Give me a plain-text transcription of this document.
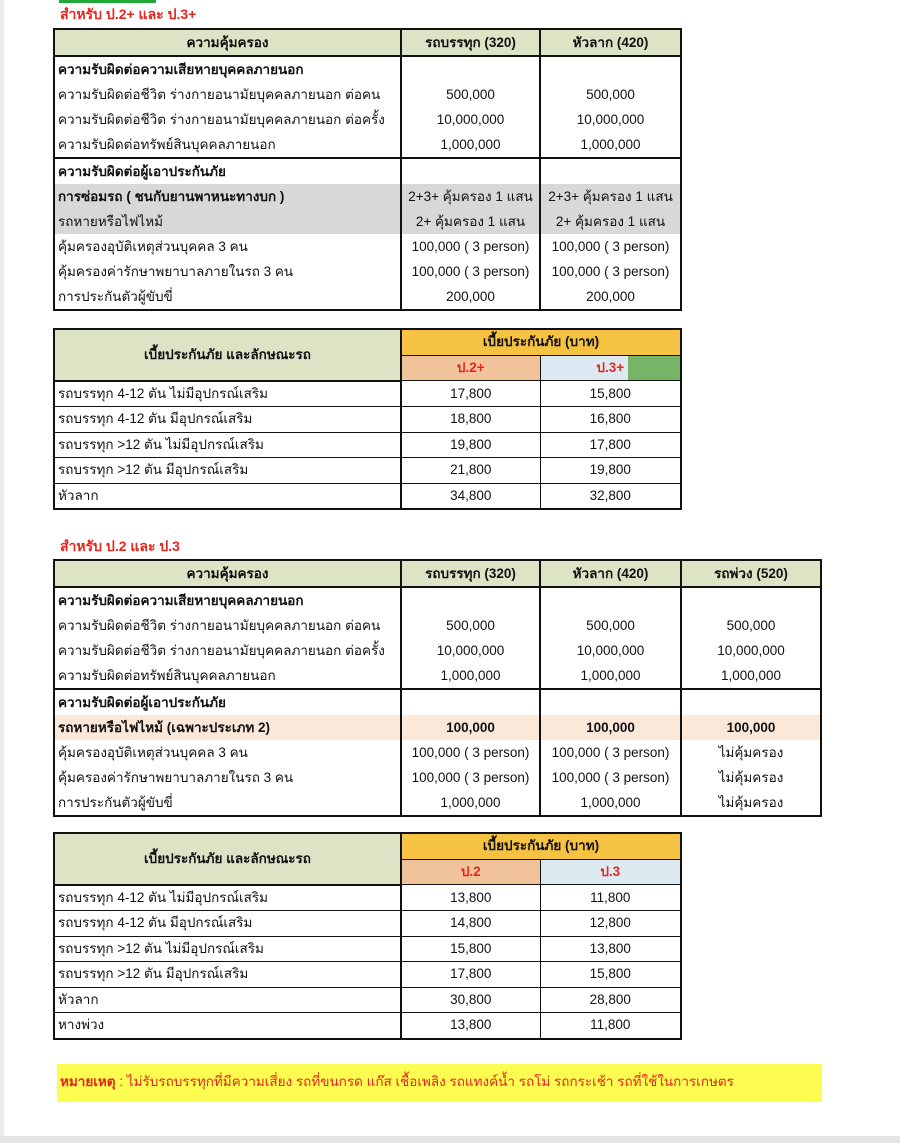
สำหรับ ป.2+ และ ป.3+
ความคุ้มครอง	รถบรรทุก (320)	หัวลาก (420)
ความรับผิดต่อความเสียหายบุคคลภายนอก		
ความรับผิดต่อชีวิต ร่างกายอนามัยบุคคลภายนอก ต่อคน	500,000	500,000
ความรับผิดต่อชีวิต ร่างกายอนามัยบุคคลภายนอก ต่อครั้ง	10,000,000	10,000,000
ความรับผิดต่อทรัพย์สินบุคคลภายนอก	1,000,000	1,000,000
ความรับผิดต่อผู้เอาประกันภัย		
การซ่อมรถ ( ชนกับยานพาหนะทางบก )	2+3+ คุ้มครอง 1 แสน	2+3+ คุ้มครอง 1 แสน
รถหายหรือไฟไหม้	2+ คุ้มครอง 1 แสน	2+ คุ้มครอง 1 แสน
คุ้มครองอุบัติเหตุส่วนบุคคล 3 คน	100,000 ( 3 person)	100,000 ( 3 person)
คุ้มครองค่ารักษาพยาบาลภายในรถ 3 คน	100,000 ( 3 person)	100,000 ( 3 person)
การประกันตัวผู้ขับขี่	200,000	200,000
เบี้ยประกันภัย และลักษณะรถ	เบี้ยประกันภัย (บาท)	
	ป.2+	ป.3+
รถบรรทุก 4-12 ตัน ไม่มีอุปกรณ์เสริม	17,800	15,800
รถบรรทุก 4-12 ตัน มีอุปกรณ์เสริม	18,800	16,800
รถบรรทุก >12 ตัน ไม่มีอุปกรณ์เสริม	19,800	17,800
รถบรรทุก >12 ตัน มีอุปกรณ์เสริม	21,800	19,800
หัวลาก	34,800	32,800
สำหรับ ป.2 และ ป.3
ความคุ้มครอง	รถบรรทุก (320)	หัวลาก (420)	รถพ่วง (520)
ความรับผิดต่อความเสียหายบุคคลภายนอก			
ความรับผิดต่อชีวิต ร่างกายอนามัยบุคคลภายนอก ต่อคน	500,000	500,000	500,000
ความรับผิดต่อชีวิต ร่างกายอนามัยบุคคลภายนอก ต่อครั้ง	10,000,000	10,000,000	10,000,000
ความรับผิดต่อทรัพย์สินบุคคลภายนอก	1,000,000	1,000,000	1,000,000
ความรับผิดต่อผู้เอาประกันภัย			
รถหายหรือไฟไหม้ (เฉพาะประเภท 2)	100,000	100,000	100,000
คุ้มครองอุบัติเหตุส่วนบุคคล 3 คน	100,000 ( 3 person)	100,000 ( 3 person)	ไม่คุ้มครอง
คุ้มครองค่ารักษาพยาบาลภายในรถ 3 คน	100,000 ( 3 person)	100,000 ( 3 person)	ไม่คุ้มครอง
การประกันตัวผู้ขับขี่	1,000,000	1,000,000	ไม่คุ้มครอง
เบี้ยประกันภัย และลักษณะรถ	เบี้ยประกันภัย (บาท)	
	ป.2	ป.3
รถบรรทุก 4-12 ตัน ไม่มีอุปกรณ์เสริม	13,800	11,800
รถบรรทุก 4-12 ตัน มีอุปกรณ์เสริม	14,800	12,800
รถบรรทุก >12 ตัน ไม่มีอุปกรณ์เสริม	15,800	13,800
รถบรรทุก >12 ตัน มีอุปกรณ์เสริม	17,800	15,800
หัวลาก	30,800	28,800
หางพ่วง	13,800	11,800
หมายเหตุ : ไม่รับรถบรรทุกที่มีความเสี่ยง รถที่ขนกรด แก๊ส เชื้อเพลิง รถแทงค์น้ำ รถโม่ รถกระเช้า รถที่ใช้ในการเกษตร
